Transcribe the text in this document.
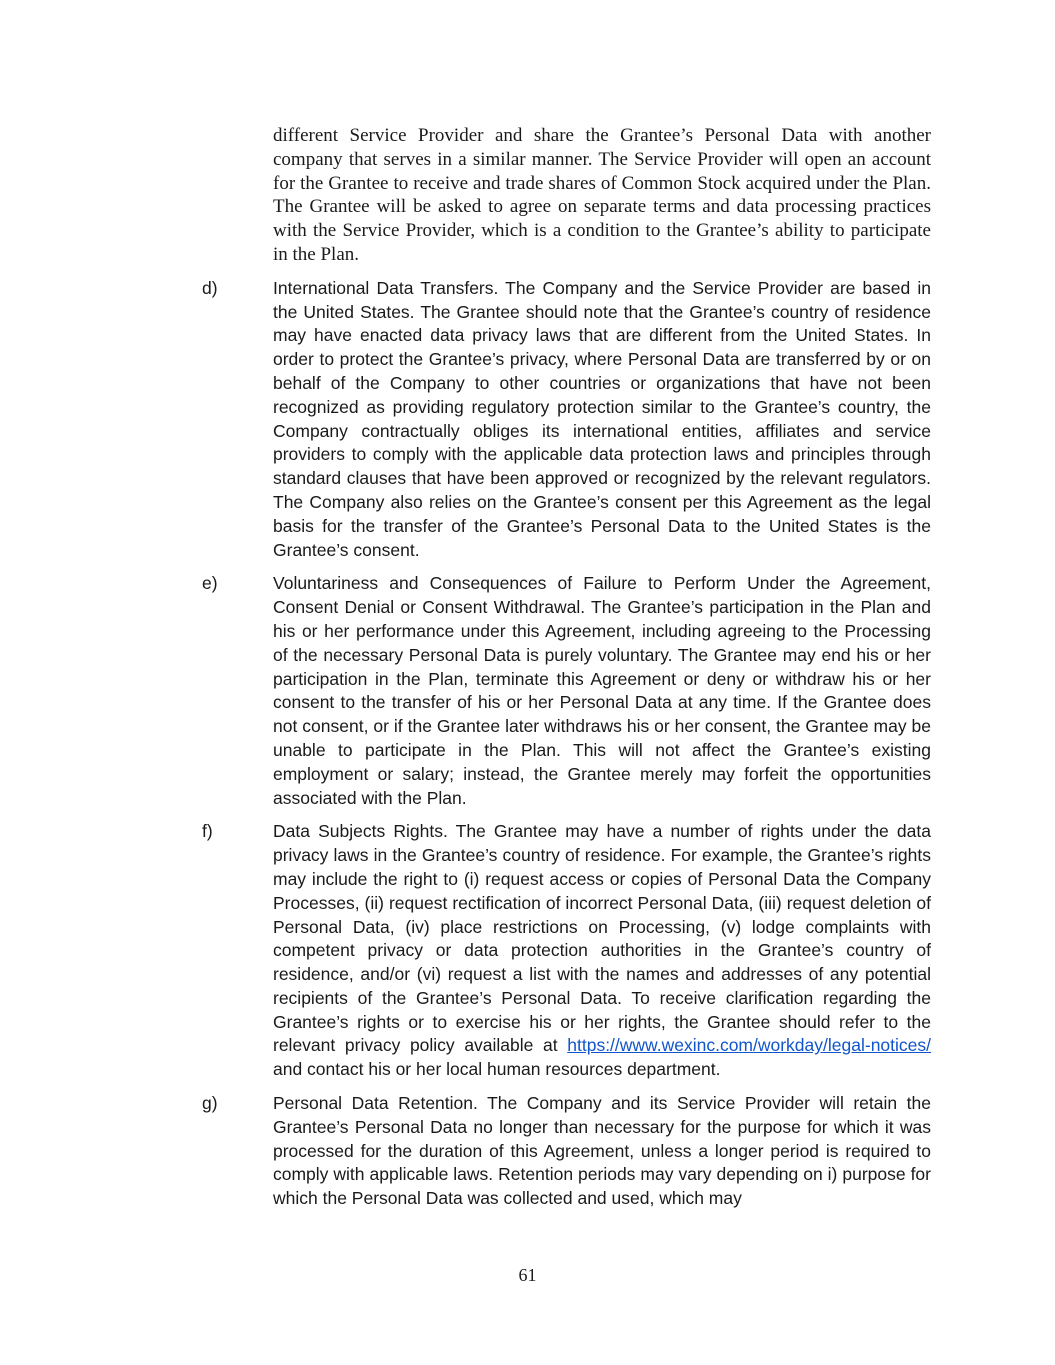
different Service Provider and share the Grantee’s Personal Data with another company that serves in a similar manner. The Service Provider will open an account for the Grantee to receive and trade shares of Common Stock acquired under the Plan. The Grantee will be asked to agree on separate terms and data processing practices with the Service Provider, which is a condition to the Grantee’s ability to participate in the Plan.

d)	International Data Transfers. The Company and the Service Provider are based in the United States. The Grantee should note that the Grantee’s country of residence may have enacted data privacy laws that are different from the United States. In order to protect the Grantee’s privacy, where Personal Data are transferred by or on behalf of the Company to other countries or organizations that have not been recognized as providing regulatory protection similar to the Grantee’s country, the Company contractually obliges its international entities, affiliates and service providers to comply with the applicable data protection laws and principles through standard clauses that have been approved or recognized by the relevant regulators. The Company also relies on the Grantee’s consent per this Agreement as the legal basis for the transfer of the Grantee’s Personal Data to the United States is the Grantee’s consent.
e)	Voluntariness and Consequences of Failure to Perform Under the Agreement, Consent Denial or Consent Withdrawal. The Grantee’s participation in the Plan and his or her performance under this Agreement, including agreeing to the Processing of the necessary Personal Data is purely voluntary. The Grantee may end his or her participation in the Plan, terminate this Agreement or deny or withdraw his or her consent to the transfer of his or her Personal Data at any time. If the Grantee does not consent, or if the Grantee later withdraws his or her consent, the Grantee may be unable to participate in the Plan. This will not affect the Grantee’s existing employment or salary; instead, the Grantee merely may forfeit the opportunities associated with the Plan.
f)	Data Subjects Rights. The Grantee may have a number of rights under the data privacy laws in the Grantee’s country of residence. For example, the Grantee’s rights may include the right to (i) request access or copies of Personal Data the Company Processes, (ii) request rectification of incorrect Personal Data, (iii) request deletion of Personal Data, (iv) place restrictions on Processing, (v) lodge complaints with competent privacy or data protection authorities in the Grantee’s country of residence, and/or (vi) request a list with the names and addresses of any potential recipients of the Grantee’s Personal Data. To receive clarification regarding the Grantee’s rights or to exercise his or her rights, the Grantee should refer to the relevant privacy policy available at https://www.wexinc.com/workday/legal-notices/ and contact his or her local human resources department.
g)	Personal Data Retention. The Company and its Service Provider will retain the Grantee’s Personal Data no longer than necessary for the purpose for which it was processed for the duration of this Agreement, unless a longer period is required to comply with applicable laws. Retention periods may vary depending on i) purpose for which the Personal Data was collected and used, which may
61
